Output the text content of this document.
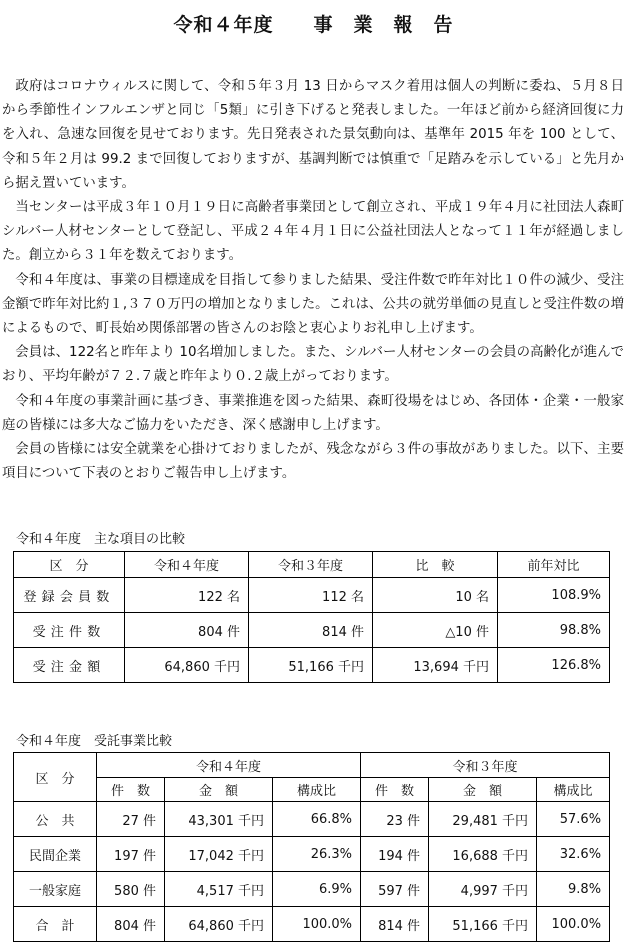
令和４年度　　事　業　報　告

政府はコロナウィルスに関して、令和５年３月 13 日からマスク着用は個人の判断に委ね、５月８日から季節性インフルエンザと同じ「5類」に引き下げると発表しました。一年ほど前から経済回復に力を入れ、急速な回復を見せております。先日発表された景気動向は、基準年 2015 年を 100 として、令和５年２月は 99.2 まで回復しておりますが、基調判断では慎重で「足踏みを示している」と先月から据え置いています。

当センターは平成３年１０月１９日に高齢者事業団として創立され、平成１９年４月に社団法人森町シルバー人材センターとして登記し、平成２４年４月１日に公益社団法人となって１１年が経過しました。創立から３１年を数えております。

令和４年度は、事業の目標達成を目指して参りました結果、受注件数で昨年対比１０件の減少、受注金額で昨年対比約１,３７０万円の増加となりました。これは、公共の就労単価の見直しと受注件数の増によるもので、町長始め関係部署の皆さんのお陰と衷心よりお礼申し上げます。

会員は、122名と昨年より 10名増加しました。また、シルバー人材センターの会員の高齢化が進んでおり、平均年齢が７２.７歳と昨年より０.２歳上がっております。

令和４年度の事業計画に基づき、事業推進を図った結果、森町役場をはじめ、各団体・企業・一般家庭の皆様には多大なご協力をいただき、深く感謝申し上げます。

会員の皆様には安全就業を心掛けておりましたが、残念ながら３件の事故がありました。以下、主要項目について下表のとおりご報告申し上げます。

令和４年度　主な項目の比較
区　分	令和４年度	令和３年度	比　較	前年対比
登録会員数	122 名	112 名	10 名	108.9%
受注件数	804 件	814 件	△10 件	98.8%
受注金額	64,860 千円	51,166 千円	13,694 千円	126.8%
令和４年度　受託事業比較
区　分	令和４年度			令和３年度		
	件　数	金　額	構成比	件　数	金　額	構成比
公　共	27 件	43,301 千円	66.8%	23 件	29,481 千円	57.6%
民間企業	197 件	17,042 千円	26.3%	194 件	16,688 千円	32.6%
一般家庭	580 件	4,517 千円	6.9%	597 件	4,997 千円	9.8%
合　計	804 件	64,860 千円	100.0%	814 件	51,166 千円	100.0%
